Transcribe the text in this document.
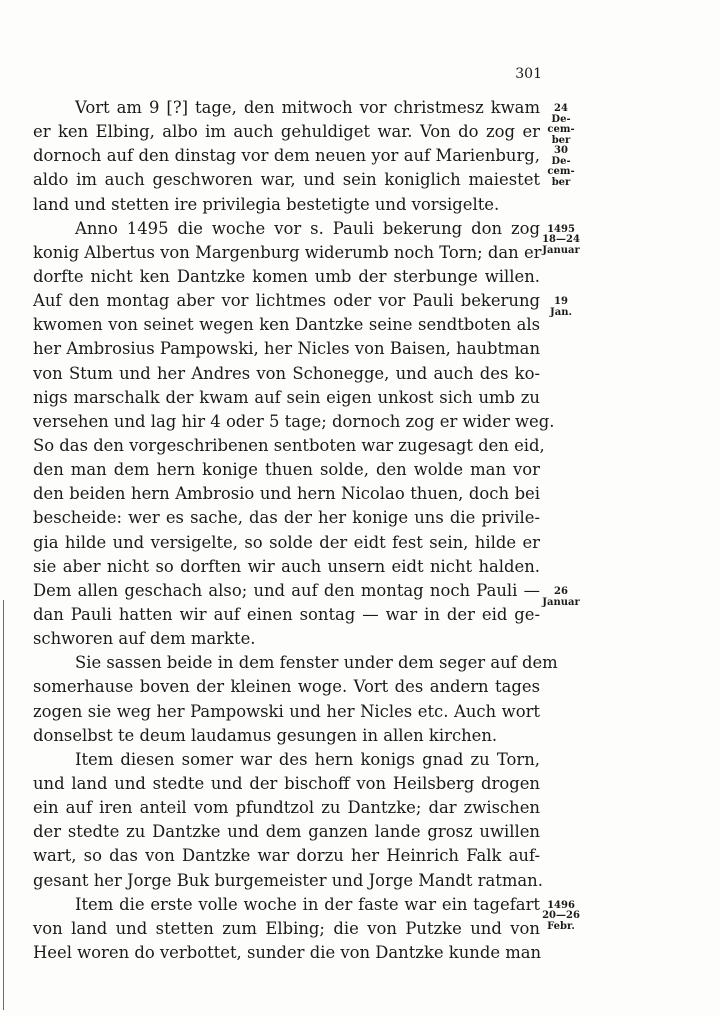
301
Vort am 9 [?] tage, den mitwoch vor christmesz kwam
er ken Elbing, albo im auch gehuldiget war. Von do zog er
dornoch auf den dinstag vor dem neuen yor auf Marienburg,
aldo im auch geschworen war, und sein koniglich maiestet
land und stetten ire privilegia bestetigte und vorsigelte.
Anno 1495 die woche vor s. Pauli bekerung don zog
konig Albertus von Margenburg widerumb noch Torn; dan er
dorfte nicht ken Dantzke komen umb der sterbunge willen.
Auf den montag aber vor lichtmes oder vor Pauli bekerung
kwomen von seinet wegen ken Dantzke seine sendtboten als
her Ambrosius Pampowski, her Nicles von Baisen, haubtman
von Stum und her Andres von Schonegge, und auch des ko-
nigs marschalk der kwam auf sein eigen unkost sich umb zu
versehen und lag hir 4 oder 5 tage; dornoch zog er wider weg.
So das den vorgeschribenen sentboten war zugesagt den eid,
den man dem hern konige thuen solde, den wolde man vor
den beiden hern Ambrosio und hern Nicolao thuen, doch bei
bescheide: wer es sache, das der her konige uns die privile-
gia hilde und versigelte, so solde der eidt fest sein, hilde er
sie aber nicht so dorften wir auch unsern eidt nicht halden.
Dem allen geschach also; und auf den montag noch Pauli —
dan Pauli hatten wir auf einen sontag — war in der eid ge-
schworen auf dem markte.
Sie sassen beide in dem fenster under dem seger auf dem
somerhause boven der kleinen woge. Vort des andern tages
zogen sie weg her Pampowski und her Nicles etc. Auch wort
donselbst te deum laudamus gesungen in allen kirchen.
Item diesen somer war des hern konigs gnad zu Torn,
und land und stedte und der bischoff von Heilsberg drogen
ein auf iren anteil vom pfundtzol zu Dantzke; dar zwischen
der stedte zu Dantzke und dem ganzen lande grosz uwillen
wart, so das von Dantzke war dorzu her Heinrich Falk auf-
gesant her Jorge Buk burgemeister und Jorge Mandt ratman.
Item die erste volle woche in der faste war ein tagefart
von land und stetten zum Elbing; die von Putzke und von
Heel woren do verbottet, sunder die von Dantzke kunde man
24
De-
cem-
ber
30
De-
cem-
ber
1495
18—24
Januar
19
Jan.
26
Januar
1496
20—26
Febr.
